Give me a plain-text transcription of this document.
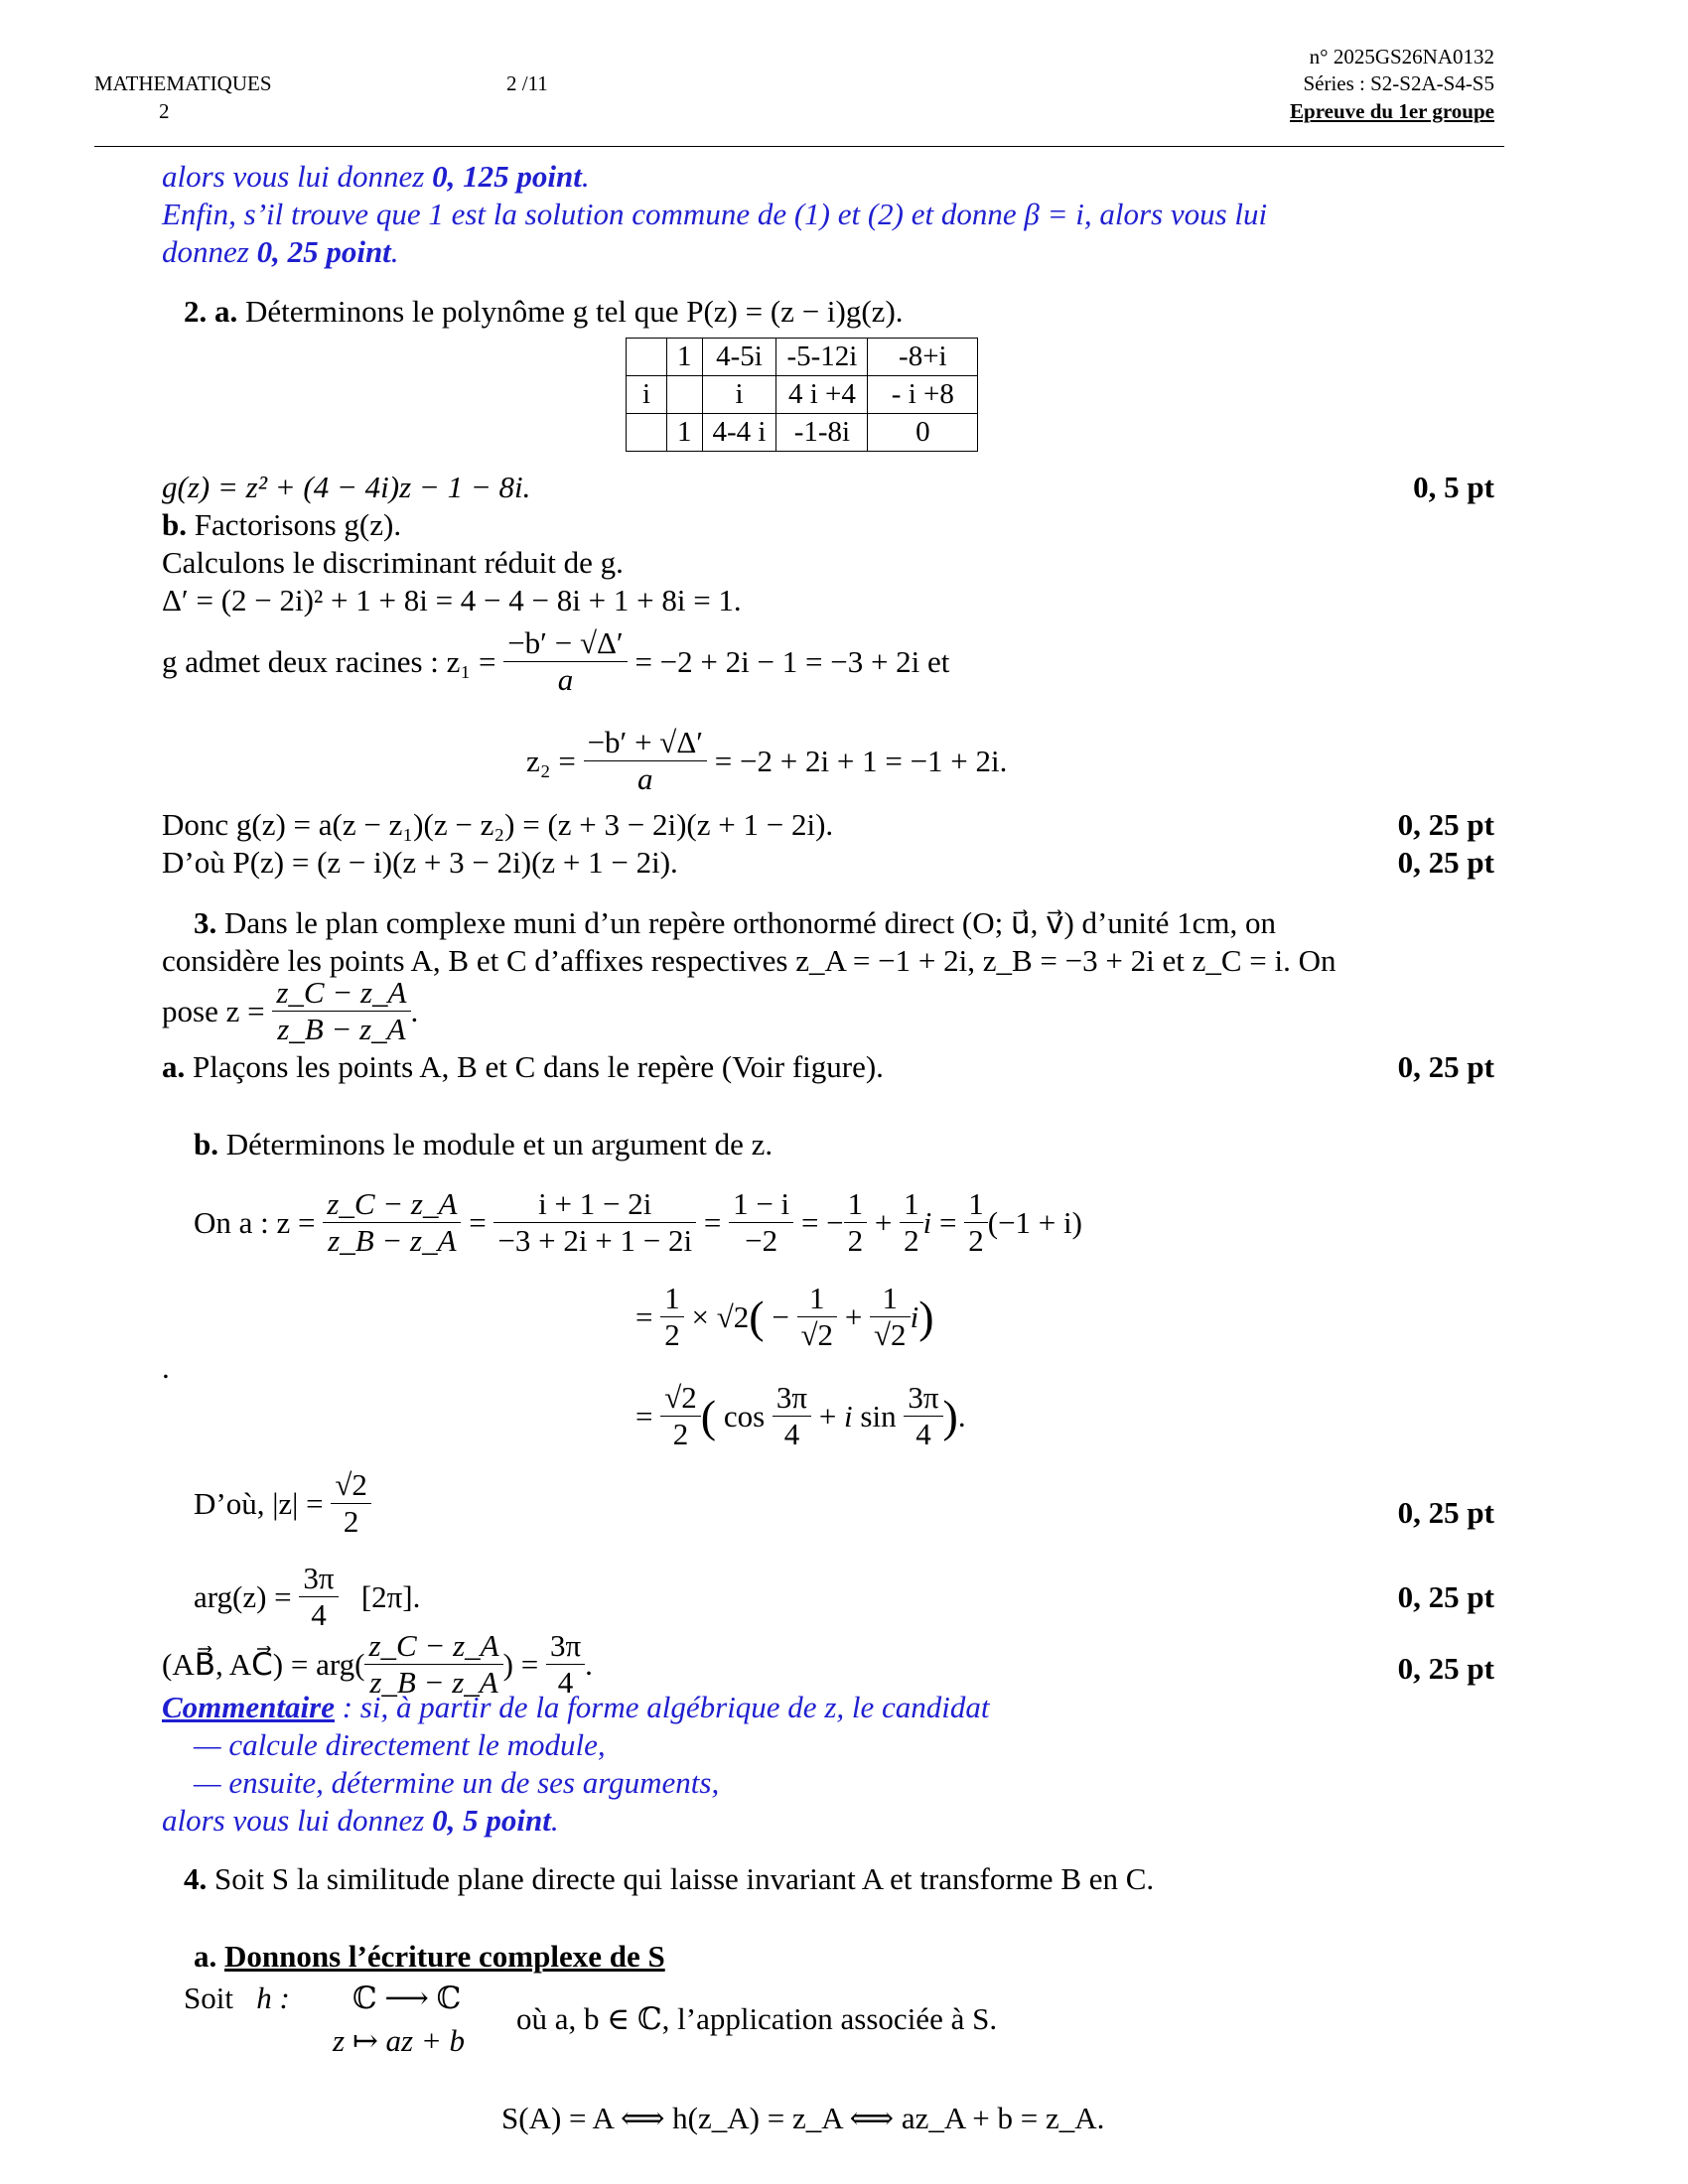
MATHEMATIQUES
2
2 /11
n° 2025GS26NA0132
Séries : S2-S2A-S4-S5
Epreuve du 1er groupe
alors vous lui donnez 0, 125 point.
Enfin, s’il trouve que 1 est la solution commune de (1) et (2) et donne β = i, alors vous lui
donnez 0, 25 point.
2. a. Déterminons le polynôme g tel que P(z) = (z − i)g(z).
	1	4-5i	-5-12i	-8+i
i		i	4 i +4	- i +8
	1	4-4 i	-1-8i	0
g(z) = z² + (4 − 4i)z − 1 − 8i.	0, 5 pt
b. Factorisons g(z).
Calculons le discriminant réduit de g.
Δ′ = (2 − 2i)² + 1 + 8i = 4 − 4 − 8i + 1 + 8i = 1.
g admet deux racines : z₁ =
$\frac{-b' - √\Delta'}{a}$
= −2 + 2i − 1 = −3 + 2i et
z₂ =
$\frac{-b' + √\Delta'}{a}$
= −2 + 2i + 1 = −1 + 2i.
Donc g(z) = a(z − z₁)(z − z₂) = (z + 3 − 2i)(z + 1 − 2i).	0, 25 pt
D’où P(z) = (z − i)(z + 3 − 2i)(z + 1 − 2i).	0, 25 pt
3. Dans le plan complexe muni d’un repère orthonormé direct (O; u⃗, v⃗) d’unité 1cm, on
considère les points A, B et C d’affixes respectives z_A = −1 + 2i, z_B = −3 + 2i et z_C = i. On
pose z =
$\frac{z\_C - z\_A}{z\_B - z\_A}$ .
a. Plaçons les points A, B et C dans le repère (Voir figure).	0, 25 pt
b. Déterminons le module et un argument de z.
On a : z =
$\frac{z\_C - z\_A}{z\_B - z\_A} = \frac{i + 1 - 2i}{-3 + 2i + 1 - 2i} = \frac{1 - i}{-2}$ = − $\frac{1}{2} + \frac{1}{2}$ $i = \frac{1}{2} (-1 + i)$
= $\frac{1}{2} \times √2$ ( − $\frac{1}{√2} + \frac{1}{√2}$ i )
.
= $\frac{√2}{2}$ ( $\cos \frac{3\pi}{4} + i$ $\sin \frac{3\pi}{4}$ ) .
D’où, |z| =
$\frac{√2}{2}$	0, 25 pt
arg(z) =
$\frac{3\pi}{4}$
[2π].	0, 25 pt
(AB⃗, AC⃗) = $arg( \frac{z\_C - z\_A}{z\_B - z\_A}$ ) =
$\frac{3\pi}{4}$ .	0, 25 pt
Commentaire : si, à partir de la forme algébrique de z, le candidat
— calcule directement le module,
— ensuite, détermine un de ses arguments,
alors vous lui donnez 0, 5 point.
4. Soit S la similitude plane directe qui laisse invariant A et transforme B en C.
a. Donnons l’écriture complexe de S
Soit h : ℂ ⟶ ℂ
z ↦ az + b
où a, b ∈ ℂ, l’application associée à S.
S(A) = A ⟺ h(z_A) = z_A ⟺ az_A + b = z_A.
